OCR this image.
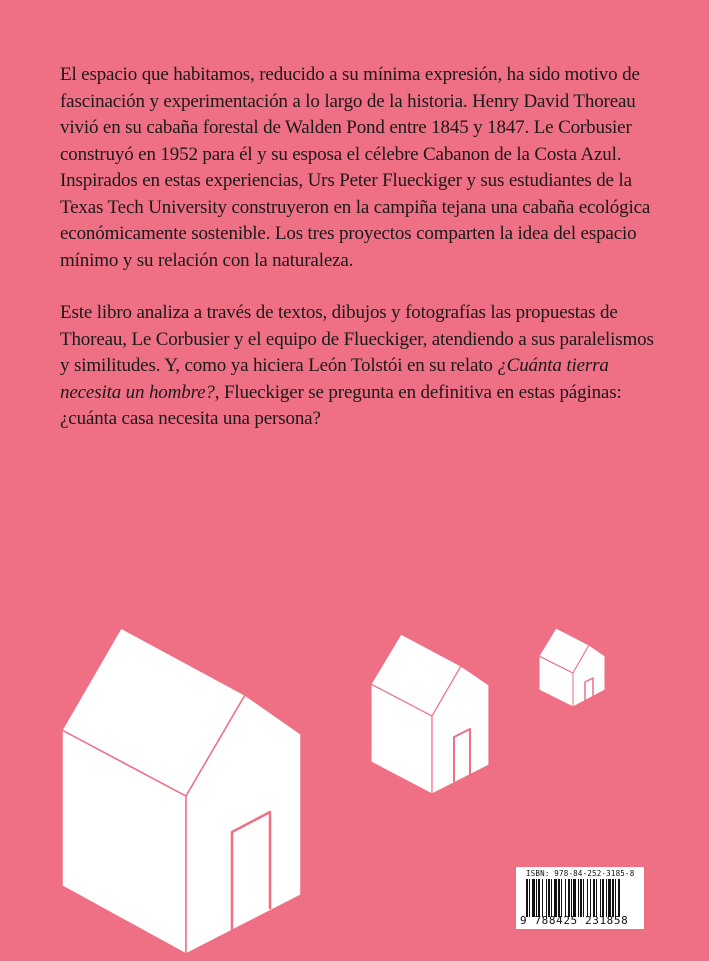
El espacio que habitamos, reducido a su mínima expresión, ha sido motivo de fascinación y experimentación a lo largo de la historia. Henry David Thoreau vivió en su cabaña forestal de Walden Pond entre 1845 y 1847. Le Corbusier construyó en 1952 para él y su esposa el célebre Cabanon de la Costa Azul. Inspirados en estas experiencias, Urs Peter Flueckiger y sus estudiantes de la Texas Tech University construyeron en la campiña tejana una cabaña ecológica económicamente sostenible. Los tres proyectos comparten la idea del espacio mínimo y su relación con la naturaleza.

Este libro analiza a través de textos, dibujos y fotografías las propuestas de Thoreau, Le Corbusier y el equipo de Flueckiger, atendiendo a sus paralelismos y similitudes. Y, como ya hiciera León Tolstói en su relato ¿Cuánta tierra necesita un hombre?, Flueckiger se pregunta en definitiva en estas páginas: ¿cuánta casa necesita una persona?

ISBN: 978-84-252-3185-8
9 788425 231858
